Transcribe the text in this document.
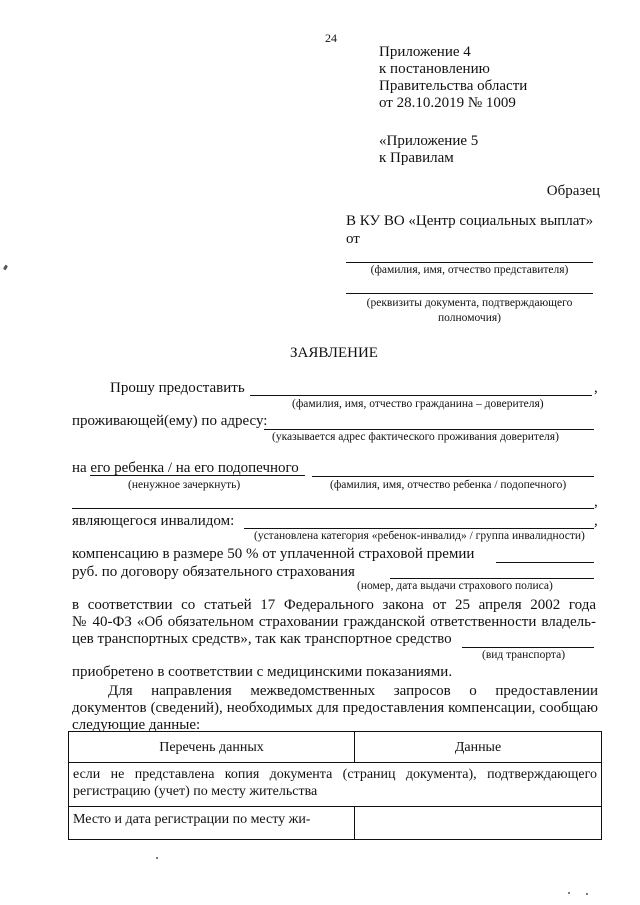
24
Приложение 4
к постановлению
Правительства области
от 28.10.2019 № 1009
«Приложение 5
к Правилам
Образец
В КУ ВО «Центр социальных выплат»
от
(фамилия, имя, отчество представителя)
(реквизиты документа, подтверждающего
полномочия)
ЗАЯВЛЕНИЕ
Прошу предоставить	,
(фамилия, имя, отчество гражданина – доверителя)
проживающей(ему) по адресу:
(указывается адрес фактического проживания доверителя)
на его ребенка / на его подопечного
(ненужное зачеркнуть)	(фамилия, имя, отчество ребенка / подопечного)
,
являющегося инвалидом:	,
(установлена категория «ребенок-инвалид» / группа инвалидности)
компенсацию в размере 50 % от уплаченной страховой премии
руб. по договору обязательного страхования
(номер, дата выдачи страхового полиса)
в соответствии со статьей 17 Федерального закона от 25 апреля 2002 года
№ 40-ФЗ «Об обязательном страховании гражданской ответственности владель-
цев транспортных средств», так как транспортное средство
(вид транспорта)
приобретено в соответствии с медицинскими показаниями.
Для направления межведомственных запросов о предоставлении документов (сведений), необходимых для предоставления компенсации, сообщаю следующие данные:
Перечень данных	Данные
если не представлена копия документа (страниц документа), подтверждающего регистрацию (учет) по месту жительства	
Место и дата регистрации по месту жи-	
